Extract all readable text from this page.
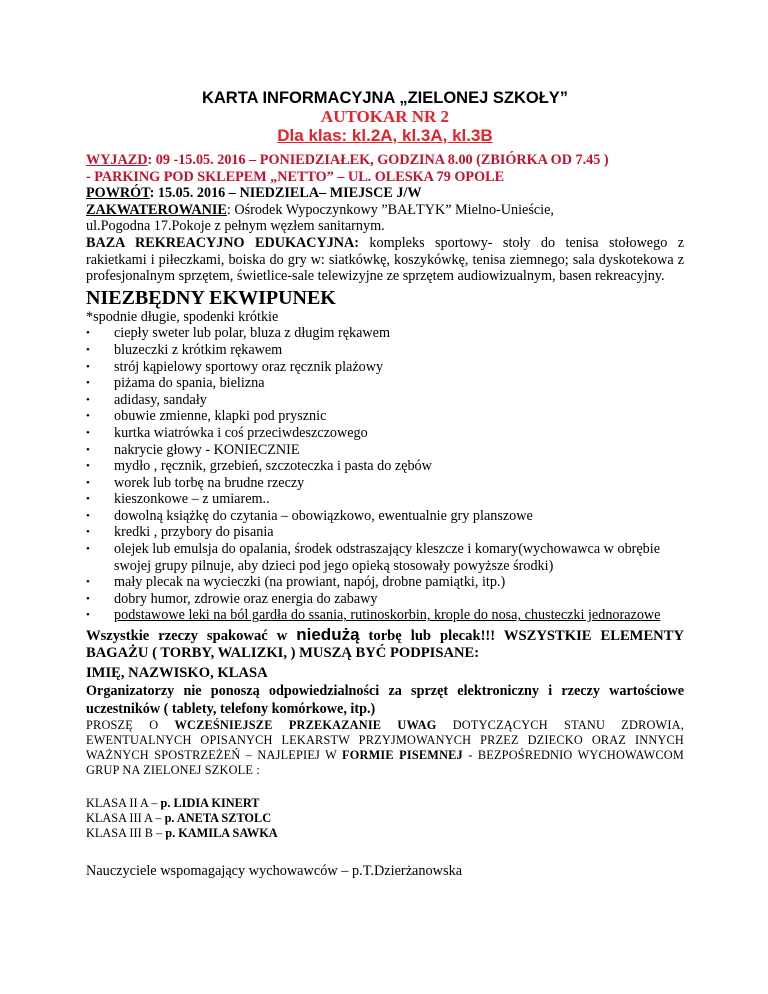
KARTA INFORMACYJNA „ZIELONEJ SZKOŁY”
AUTOKAR NR 2
Dla klas: kl.2A, kl.3A, kl.3B
WYJAZD: 09 -15.05. 2016 – PONIEDZIAŁEK, GODZINA 8.00 (ZBIÓRKA OD 7.45 )
- PARKING POD SKLEPEM „NETTO” – UL. OLESKA 79 OPOLE
POWRÓT: 15.05. 2016 – NIEDZIELA– MIEJSCE J/W
ZAKWATEROWANIE: Ośrodek Wypoczynkowy ”BAŁTYK” Mielno-Unieście,
ul.Pogodna 17.Pokoje z pełnym węzłem sanitarnym.
BAZA REKREACYJNO EDUKACYJNA: kompleks sportowy- stoły do tenisa stołowego z rakietkami i piłeczkami, boiska do gry w: siatkówkę, koszykówkę, tenisa ziemnego; sala dyskotekowa z profesjonalnym sprzętem, świetlice-sale telewizyjne ze sprzętem audiowizualnym, basen rekreacyjny.
NIEZBĘDNY EKWIPUNEK
*spodnie długie, spodenki krótkie
• ciepły sweter lub polar, bluza z długim rękawem
• bluzeczki z krótkim rękawem
• strój kąpielowy sportowy oraz ręcznik plażowy
• piżama do spania, bielizna
• adidasy, sandały
• obuwie zmienne, klapki pod prysznic
• kurtka wiatrówka i coś przeciwdeszczowego
• nakrycie głowy - KONIECZNIE
• mydło , ręcznik, grzebień, szczoteczka i pasta do zębów
• worek lub torbę na brudne rzeczy
• kieszonkowe – z umiarem..
• dowolną książkę do czytania – obowiązkowo, ewentualnie gry planszowe
• kredki , przybory do pisania
• olejek lub emulsja do opalania, środek odstraszający kleszcze i komary(wychowawca w obrębie swojej grupy pilnuje, aby dzieci pod jego opieką stosowały powyższe środki)
• mały plecak na wycieczki (na prowiant, napój, drobne pamiątki, itp.)
• dobry humor, zdrowie oraz energia do zabawy
• podstawowe leki na ból gardła do ssania, rutinoskorbin, krople do nosa, chusteczki jednorazowe
Wszystkie rzeczy spakować w niedużą torbę lub plecak!!! WSZYSTKIE ELEMENTY BAGAŻU ( TORBY, WALIZKI, ) MUSZĄ BYĆ PODPISANE:
IMIĘ, NAZWISKO, KLASA
Organizatorzy nie ponoszą odpowiedzialności za sprzęt elektroniczny i rzeczy wartościowe uczestników ( tablety, telefony komórkowe, itp.)
PROSZĘ O WCZEŚNIEJSZE PRZEKAZANIE UWAG DOTYCZĄCYCH STANU ZDROWIA, EWENTUALNYCH OPISANYCH LEKARSTW PRZYJMOWANYCH PRZEZ DZIECKO ORAZ INNYCH WAŻNYCH SPOSTRZEŻEŃ – NAJLEPIEJ W FORMIE PISEMNEJ - BEZPOŚREDNIO WYCHOWAWCOM GRUP NA ZIELONEJ SZKOLE :
KLASA II A – p. LIDIA KINERT
KLASA III A – p. ANETA SZTOLC
KLASA III B – p. KAMILA SAWKA
Nauczyciele wspomagający wychowawców – p.T.Dzierżanowska
